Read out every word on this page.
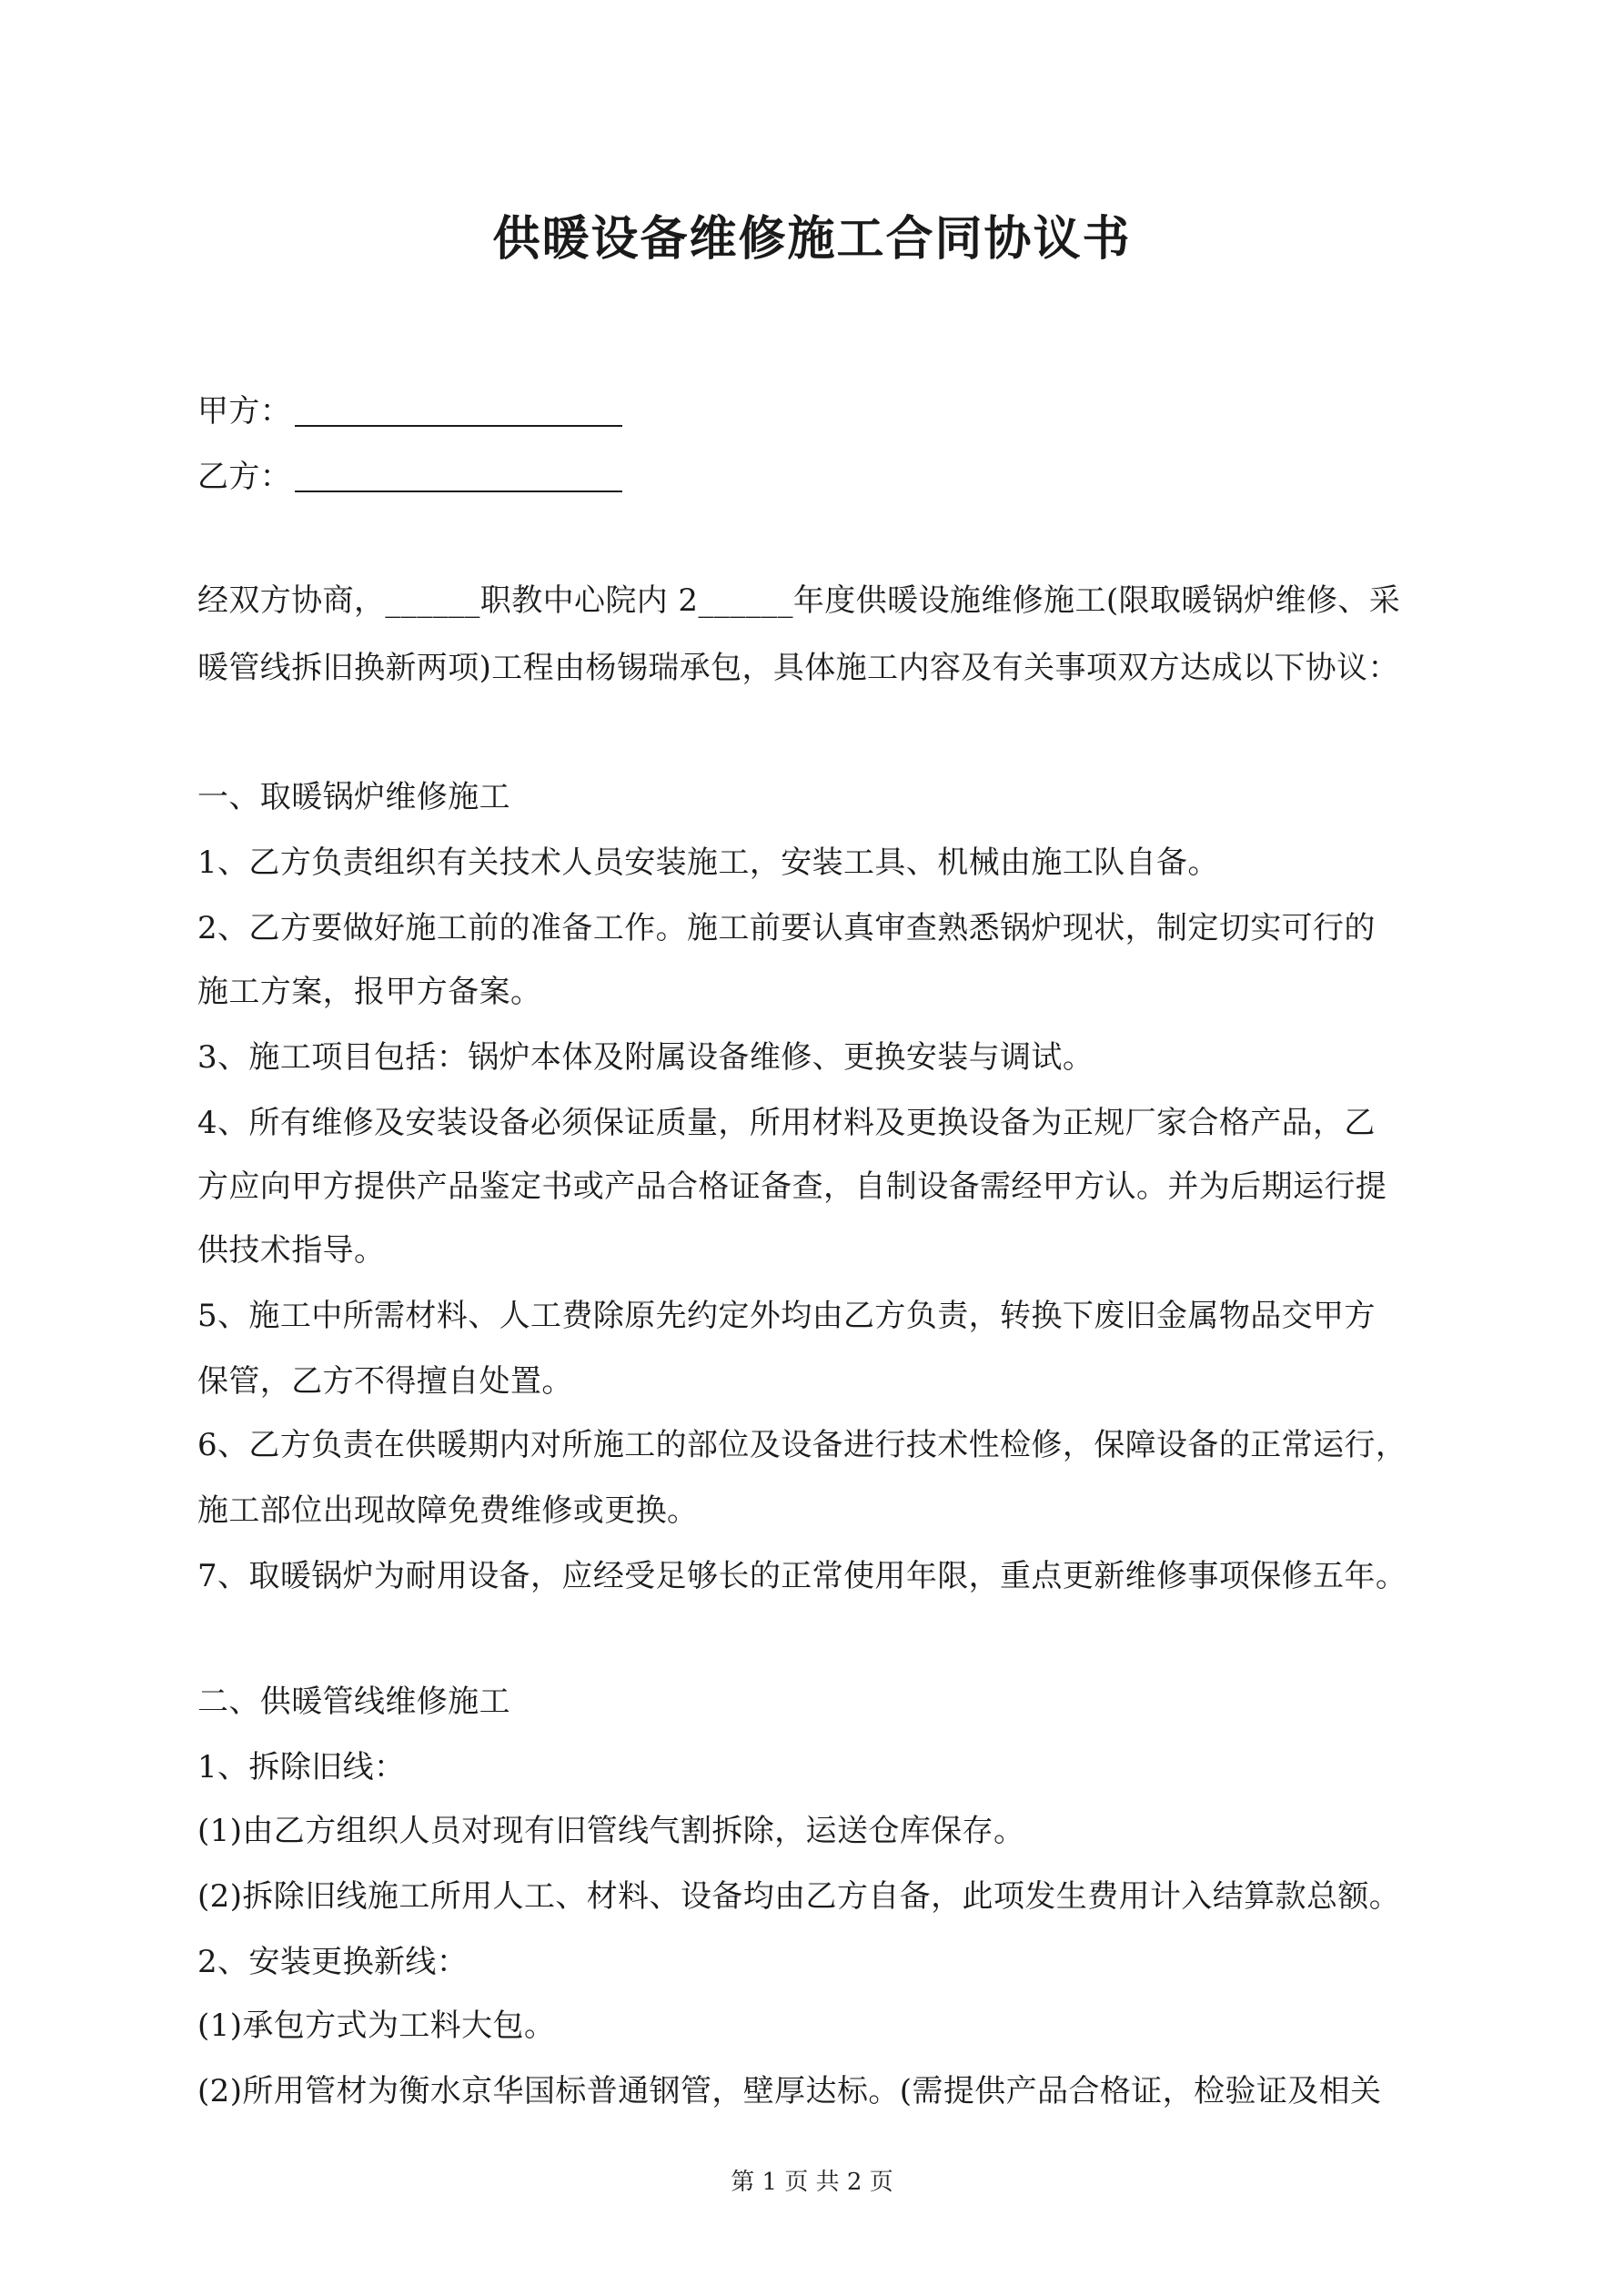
供暖设备维修施工合同协议书
甲方：
乙方：
经双方协商，______职教中心院内 2______年度供暖设施维修施工(限取暖锅炉维修、采
暖管线拆旧换新两项)工程由杨锡瑞承包，具体施工内容及有关事项双方达成以下协议：
一、取暖锅炉维修施工
1、乙方负责组织有关技术人员安装施工，安装工具、机械由施工队自备。
2、乙方要做好施工前的准备工作。施工前要认真审查熟悉锅炉现状，制定切实可行的
施工方案，报甲方备案。
3、施工项目包括：锅炉本体及附属设备维修、更换安装与调试。
4、所有维修及安装设备必须保证质量，所用材料及更换设备为正规厂家合格产品，乙
方应向甲方提供产品鉴定书或产品合格证备查，自制设备需经甲方认。并为后期运行提
供技术指导。
5、施工中所需材料、人工费除原先约定外均由乙方负责，转换下废旧金属物品交甲方
保管，乙方不得擅自处置。
6、乙方负责在供暖期内对所施工的部位及设备进行技术性检修，保障设备的正常运行，
施工部位出现故障免费维修或更换。
7、取暖锅炉为耐用设备，应经受足够长的正常使用年限，重点更新维修事项保修五年。
二、供暖管线维修施工
1、拆除旧线：
(1)由乙方组织人员对现有旧管线气割拆除，运送仓库保存。
(2)拆除旧线施工所用人工、材料、设备均由乙方自备，此项发生费用计入结算款总额。
2、安装更换新线：
(1)承包方式为工料大包。
(2)所用管材为衡水京华国标普通钢管，壁厚达标。(需提供产品合格证，检验证及相关
第 1 页 共 2 页
